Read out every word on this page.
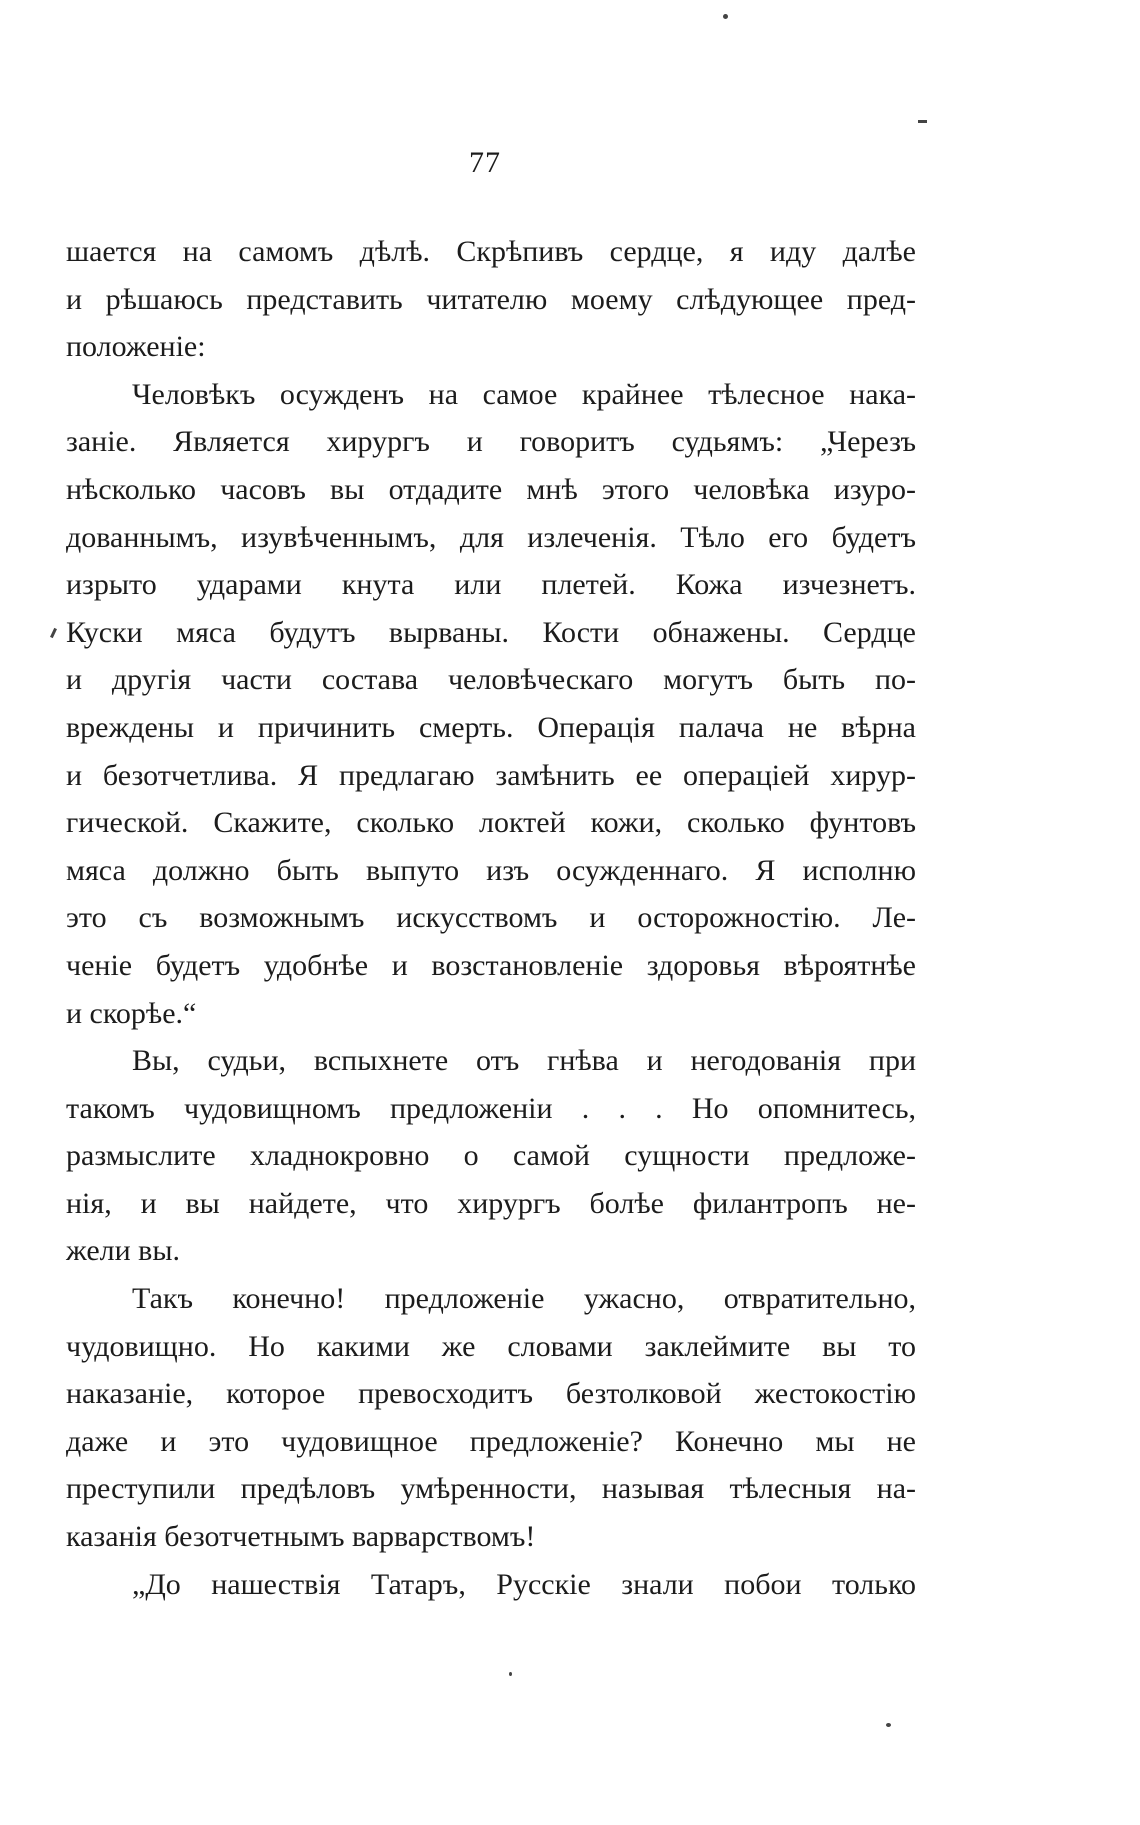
77
шается на самомъ дѣлѣ. Скрѣпивъ сердце, я иду далѣе
и рѣшаюсь представить читателю моему слѣдующее пред-
положеніе:
Человѣкъ осужденъ на самое крайнее тѣлесное нака-
заніе. Является хирургъ и говоритъ судьямъ: „Черезъ
нѣсколько часовъ вы отдадите мнѣ этого человѣка изуро-
дованнымъ, изувѣченнымъ, для излеченія. Тѣло его будетъ
изрыто ударами кнута или плетей. Кожа изчезнетъ.
Куски мяса будутъ вырваны. Кости обнажены. Сердце
и другія части состава человѣческаго могутъ быть по-
вреждены и причинить смерть. Операція палача не вѣрна
и безотчетлива. Я предлагаю замѣнить ее операціей хирур-
гической. Скажите, сколько локтей кожи, сколько фунтовъ
мяса должно быть выпуто изъ осужденнаго. Я исполню
это съ возможнымъ искусствомъ и осторожностію. Ле-
ченіе будетъ удобнѣе и возстановленіе здоровья вѣроятнѣе
и скорѣе.“
Вы, судьи, вспыхнете отъ гнѣва и негодованія при
такомъ чудовищномъ предложеніи . . . Но опомнитесь,
размыслите хладнокровно о самой сущности предложе-
нія, и вы найдете, что хирургъ болѣе филантропъ не-
жели вы.
Такъ конечно! предложеніе ужасно, отвратительно,
чудовищно. Но какими же словами заклеймите вы то
наказаніе, которое превосходитъ безтолковой жестокостію
даже и это чудовищное предложеніе? Конечно мы не
преступили предѣловъ умѣренности, называя тѣлесныя на-
казанія безотчетнымъ варварствомъ!
„До нашествія Татаръ, Русскіе знали побои только
